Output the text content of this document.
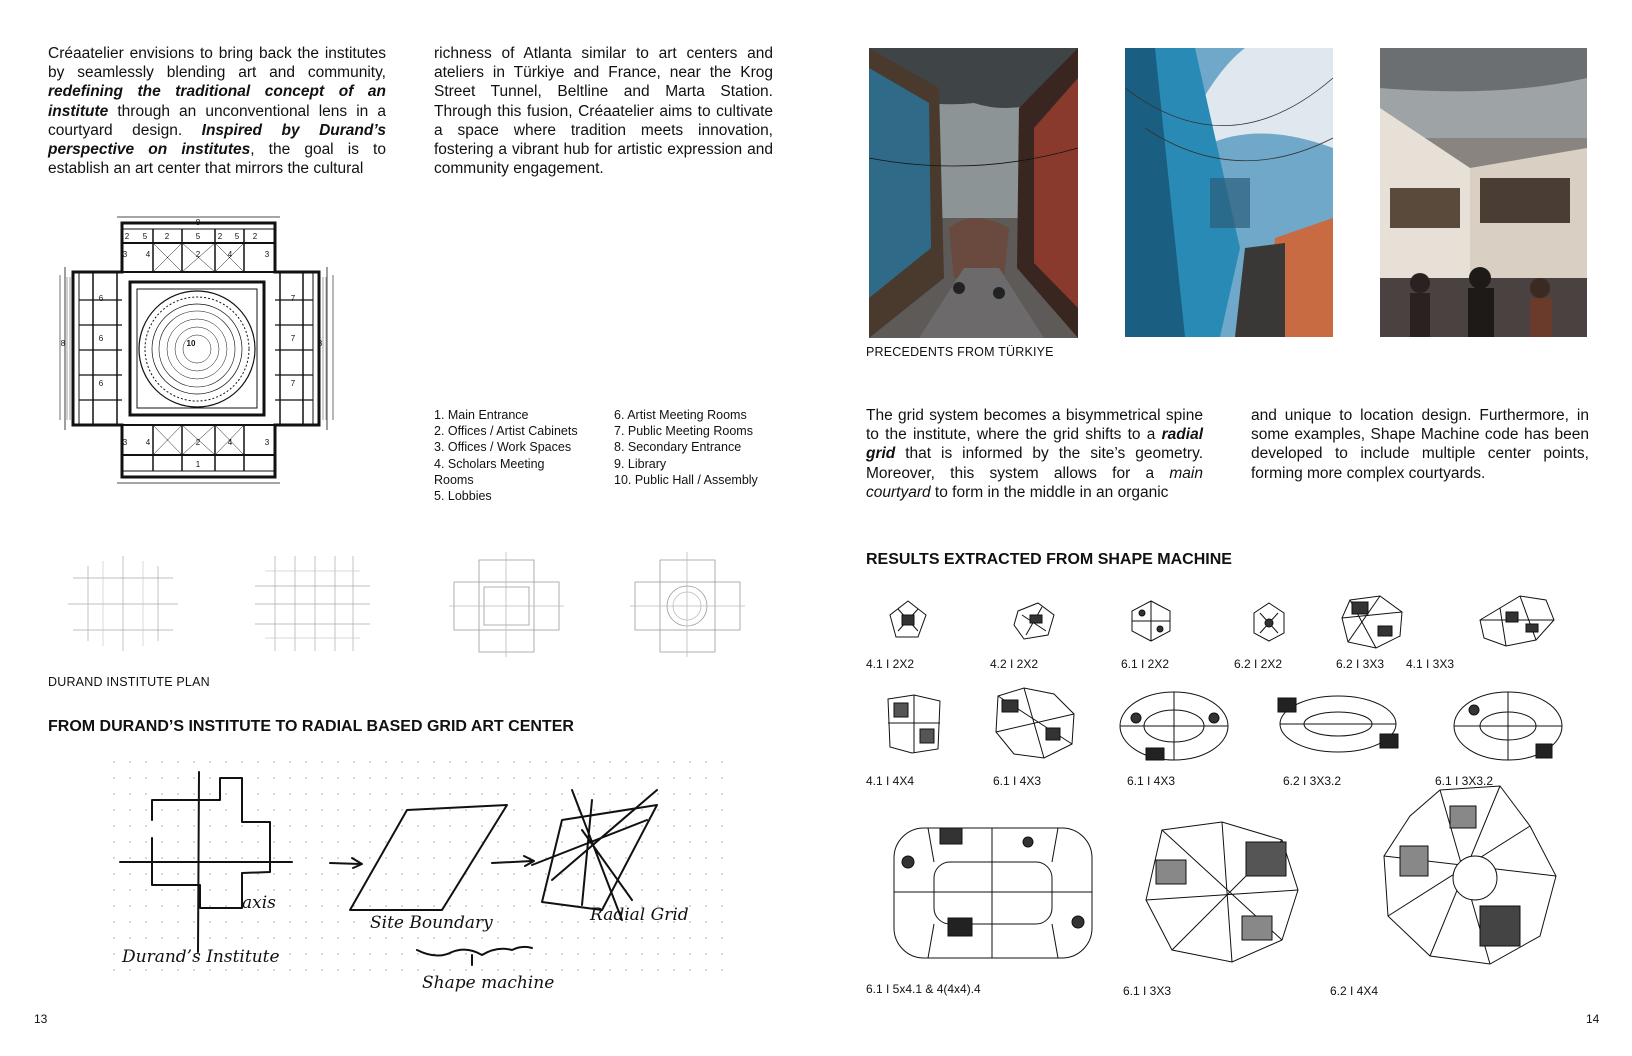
Créaatelier envisions to bring back the institutes by seamlessly blending art and community, redefining the traditional concept of an institute through an unconventional lens in a courtyard design. Inspired by Durand’s perspective on institutes, the goal is to establish an art center that mirrors the cultural
richness of Atlanta similar to art centers and ateliers in Türkiye and France, near the Krog Street Tunnel, Beltline and Marta Station. Through this fusion, Créaatelier aims to cultivate a space where tradition meets innovation, fostering a vibrant hub for artistic expression and community engagement.
8
2 5 2	5 2 5 2
3 4	2	4	3
6
6
6
7
7
7
8	8
10
3 4	2	4	3
1
1. Main Entrance
2. Offices / Artist Cabinets
3. Offices / Work Spaces
4. Scholars Meeting
Rooms
5. Lobbies
6. Artist Meeting Rooms
7. Public Meeting Rooms
8. Secondary Entrance
9. Library
10. Public Hall / Assembly
DURAND INSTITUTE PLAN
FROM DURAND’S INSTITUTE TO RADIAL BASED GRID ART CENTER
axis
Site Boundary	Radial Grid
Durand’s Institute
Shape machine
13
PRECEDENTS FROM TÜRKIYE
The grid system becomes a bisymmetrical spine to the institute, where the grid shifts to a radial grid that is informed by the site’s geometry. Moreover, this system allows for a main courtyard to form in the middle in an organic
and unique to location design. Furthermore, in some examples, Shape Machine code has been developed to include multiple center points, forming more complex courtyards.
RESULTS EXTRACTED FROM SHAPE MACHINE
4.1 I 2X2	4.2 I 2X2	6.1 I 2X2	6.2 I 2X2	6.2 I 3X3 4.1 I 3X3
4.1 I 4X4	6.1 I 4X3	6.1 I 4X3	6.2 I 3X3.2	6.1 I 3X3.2
6.1 I 5x4.1 & 4(4x4).4	6.1 I 3X3	6.2 I 4X4
14
